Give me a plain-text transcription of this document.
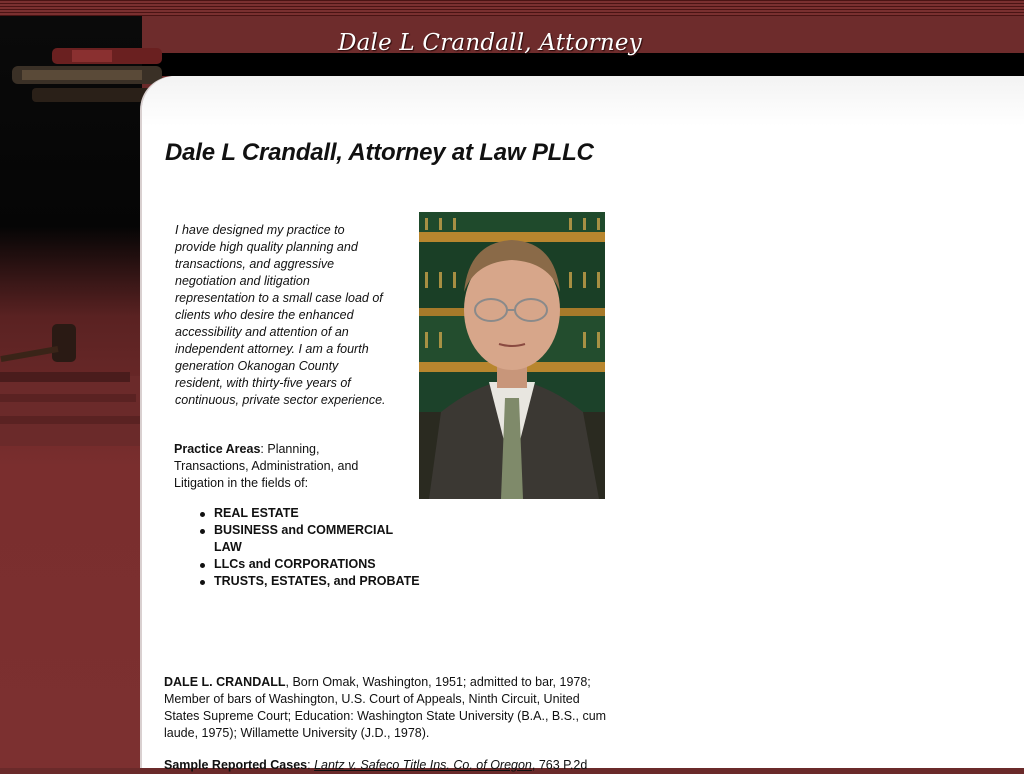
Dale L Crandall, Attorney
Dale L Crandall, Attorney at Law PLLC

I have designed my practice to provide high quality planning and transactions, and aggressive negotiation and litigation representation to a small case load of clients who desire the enhanced accessibility and attention of an independent attorney. I am a fourth generation Okanogan County resident, with thirty-five years of continuous, private sector experience.

Practice Areas: Planning, Transactions, Administration, and Litigation in the fields of:

REAL ESTATE
BUSINESS and COMMERCIAL LAW
LLCs and CORPORATIONS
TRUSTS, ESTATES, and PROBATE

DALE L. CRANDALL, Born Omak, Washington, 1951; admitted to bar, 1978; Member of bars of Washington, U.S. Court of Appeals, Ninth Circuit, United States Supreme Court; Education: Washington State University (B.A., B.S., cum laude, 1975); Willamette University (J.D., 1978).

Sample Reported Cases: Lantz v. Safeco Title Ins. Co. of Oregon, 763 P.2d
